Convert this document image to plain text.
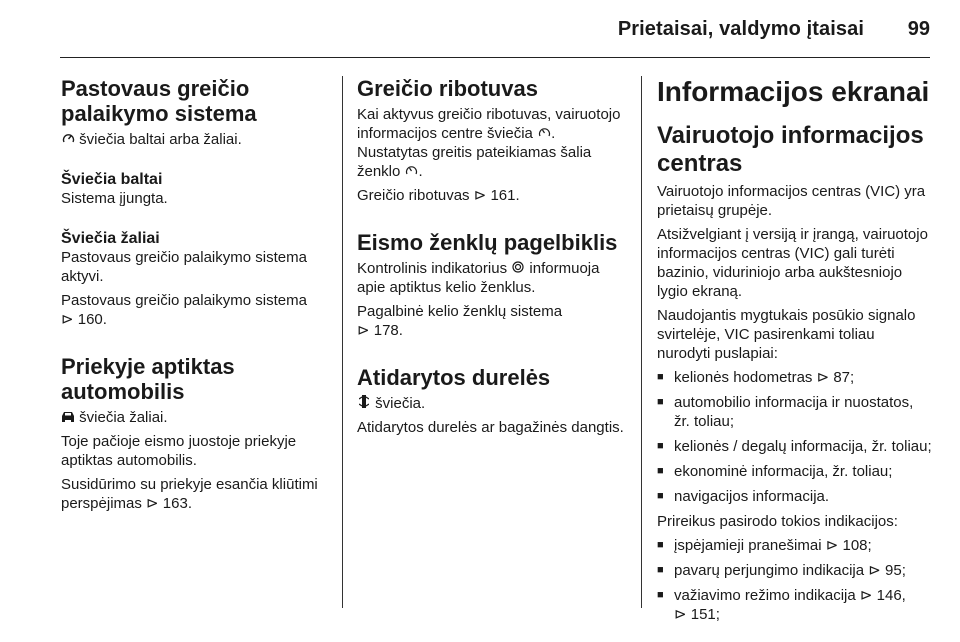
Prietaisai, valdymo įtaisai 99
Pastovaus greičio palaikymo sistema

šviečia baltai arba žaliai.

Šviečia baltai

Sistema įjungta.

Šviečia žaliai

Pastovaus greičio palaikymo sistema aktyvi.

Pastovaus greičio palaikymo sistema
⊳ 160.

Priekyje aptiktas automobilis

šviečia žaliai.

Toje pačioje eismo juostoje priekyje aptiktas automobilis.

Susidūrimo su priekyje esančia kliūtimi perspėjimas ⊳ 163.

Greičio ribotuvas

Kai aktyvus greičio ribotuvas, vairuotojo informacijos centre šviečia . Nustatytas greitis pateikiamas šalia ženklo .

Greičio ribotuvas ⊳ 161.

Eismo ženklų pagelbiklis

Kontrolinis indikatorius informuoja apie aptiktus kelio ženklus.

Pagalbinė kelio ženklų sistema
⊳ 178.

Atidarytos durelės

šviečia.

Atidarytos durelės ar bagažinės dangtis.

Informacijos ekranai
Vairuotojo informacijos centras

Vairuotojo informacijos centras (VIC) yra prietaisų grupėje.

Atsižvelgiant į versiją ir įrangą, vairuotojo informacijos centras (VIC) gali turėti bazinio, viduriniojo arba aukštesniojo lygio ekraną.

Naudojantis mygtukais posūkio signalo svirtelėje, VIC pasirenkami toliau nurodyti puslapiai:

■ kelionės hodometras ⊳ 87;
■ automobilio informacija ir nuostatos, žr. toliau;
■ kelionės / degalų informacija, žr. toliau;
■ ekonominė informacija, žr. toliau;
■ navigacijos informacija.

Prireikus pasirodo tokios indikacijos:

■ įspėjamieji pranešimai ⊳ 108;
■ pavarų perjungimo indikacija ⊳ 95;
■ važiavimo režimo indikacija ⊳ 146,
⊳ 151;
